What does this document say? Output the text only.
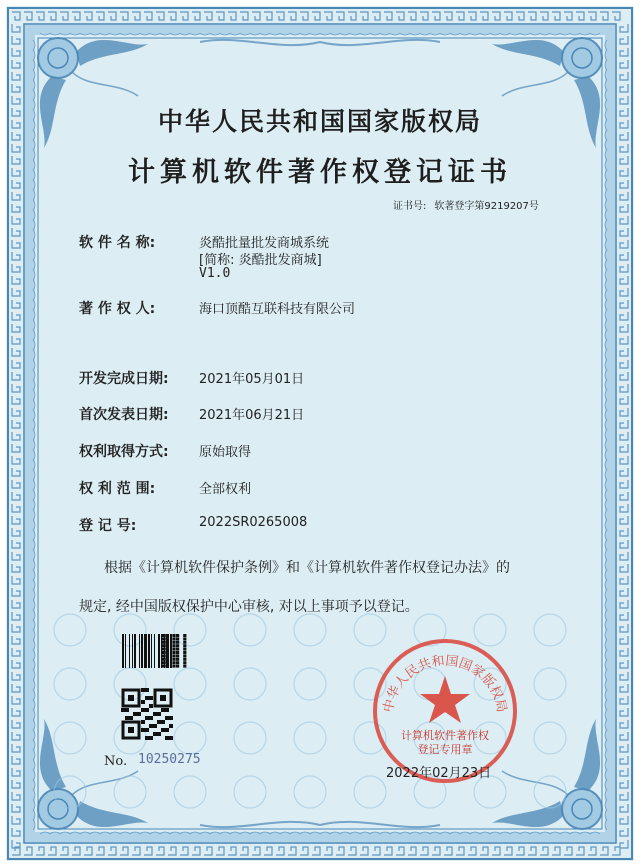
中华人民共和国国家版权局
计算机软件著作权登记证书
证书号: 软著登字第9219207号
软 件 名 称:	炎酷批量批发商城系统
[简称: 炎酷批发商城]
V1.0
著 作 权 人:	海口顶酷互联科技有限公司
开发完成日期: 2021年05月01日
首次发表日期: 2021年06月21日
权利取得方式: 原始取得
权 利 范 围:	全部权利
登 记 号:	2022SR0265008
根据《计算机软件保护条例》和《计算机软件著作权登记办法》的
规定, 经中国版权保护中心审核, 对以上事项予以登记。
No. 10250275
中华人民共和国国家版权局
计算机软件著作权
登记专用章
2022年02月23日
